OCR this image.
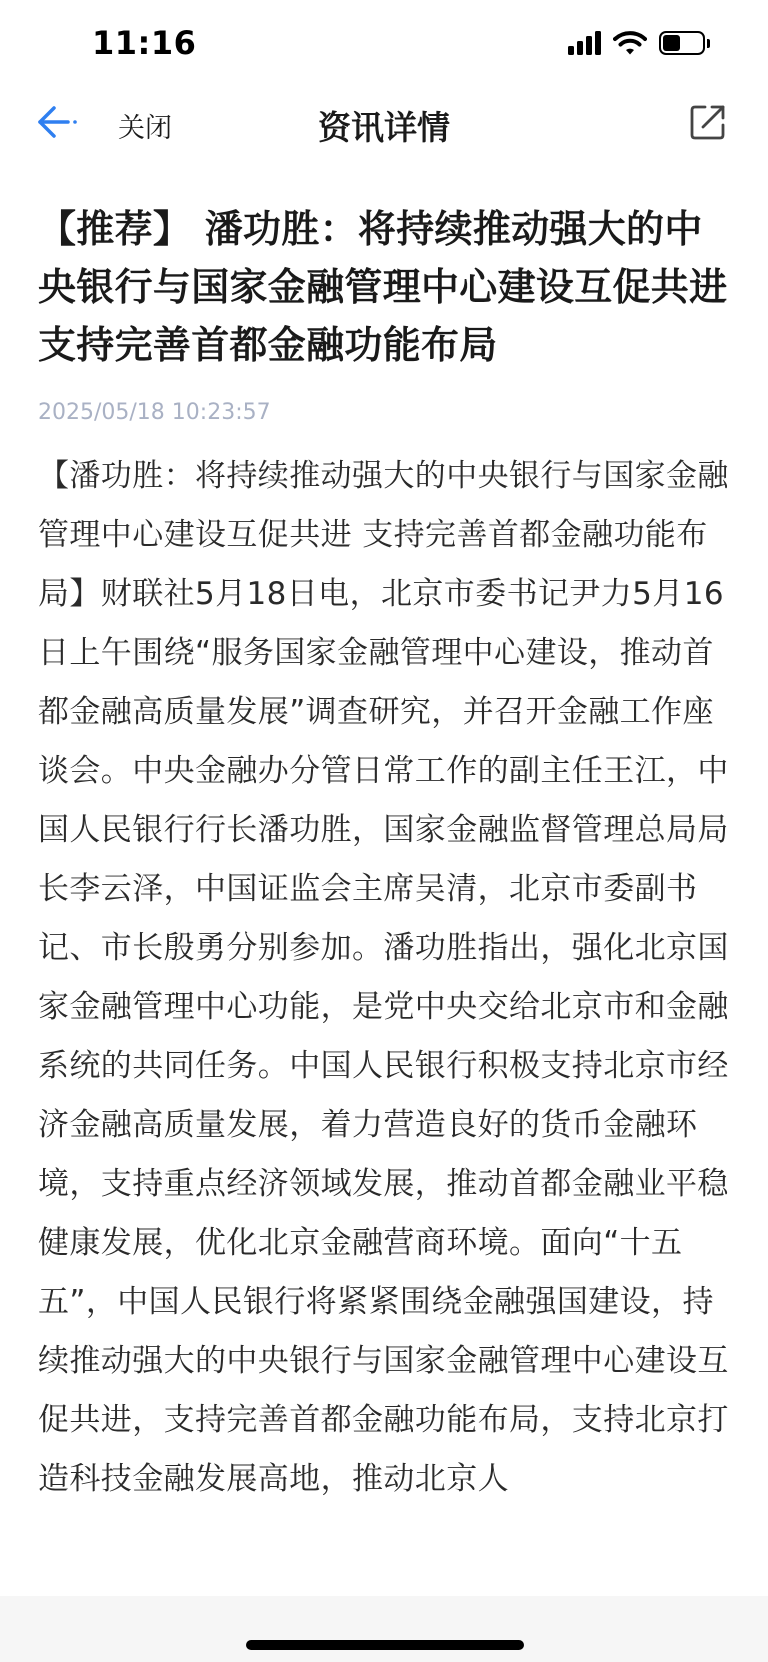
11:16
关闭	资讯详情
【推荐】 潘功胜：将持续推动强大的中央银行与国家金融管理中心建设互促共进 支持完善首都金融功能布局
2025/05/18 10:23:57
【潘功胜：将持续推动强大的中央银行与国家金融管理中心建设互促共进 支持完善首都金融功能布局】财联社5月18日电，北京市委书记尹力5月16日上午围绕“服务国家金融管理中心建设，推动首都金融高质量发展”调查研究，并召开金融工作座谈会。中央金融办分管日常工作的副主任王江，中国人民银行行长潘功胜，国家金融监督管理总局局长李云泽，中国证监会主席吴清，北京市委副书记、市长殷勇分别参加。潘功胜指出，强化北京国家金融管理中心功能，是党中央交给北京市和金融系统的共同任务。中国人民银行积极支持北京市经济金融高质量发展，着力营造良好的货币金融环境，支持重点经济领域发展，推动首都金融业平稳健康发展，优化北京金融营商环境。面向“十五五”，中国人民银行将紧紧围绕金融强国建设，持续推动强大的中央银行与国家金融管理中心建设互促共进，支持完善首都金融功能布局，支持北京打造科技金融发展高地，推动北京人
